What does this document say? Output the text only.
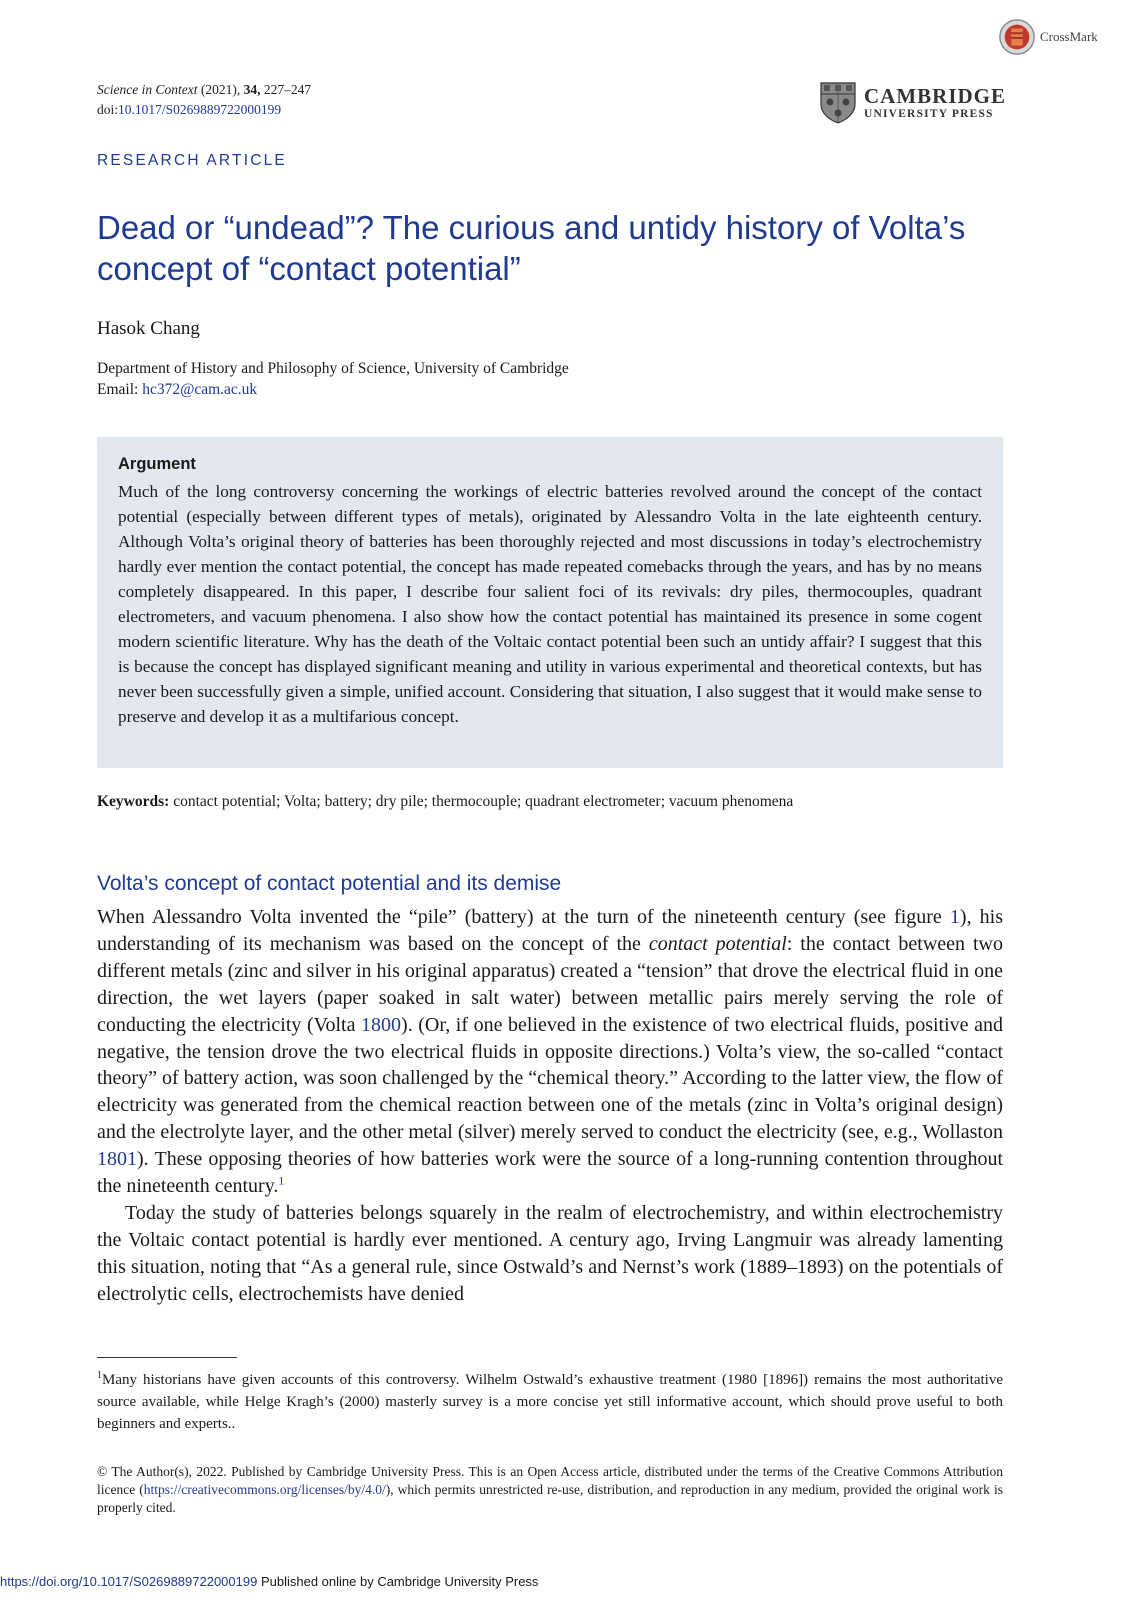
CrossMark
Science in Context (2021), 34, 227–247
doi:10.1017/S0269889722000199
CAMBRIDGE
UNIVERSITY PRESS
RESEARCH ARTICLE
Dead or “undead”? The curious and untidy history of Volta’s concept of “contact potential”
Hasok Chang
Department of History and Philosophy of Science, University of Cambridge
Email: hc372@cam.ac.uk
Argument

Much of the long controversy concerning the workings of electric batteries revolved around the concept of the contact potential (especially between different types of metals), originated by Alessandro Volta in the late eighteenth century. Although Volta’s original theory of batteries has been thoroughly rejected and most discussions in today’s electrochemistry hardly ever mention the contact potential, the concept has made repeated comebacks through the years, and has by no means completely disappeared. In this paper, I describe four salient foci of its revivals: dry piles, thermocouples, quadrant electrometers, and vacuum phenomena. I also show how the contact potential has maintained its presence in some cogent modern scientific literature. Why has the death of the Voltaic contact potential been such an untidy affair? I suggest that this is because the concept has displayed significant meaning and utility in various experimental and theoretical contexts, but has never been successfully given a simple, unified account. Considering that situation, I also suggest that it would make sense to preserve and develop it as a multifarious concept.

Keywords: contact potential; Volta; battery; dry pile; thermocouple; quadrant electrometer; vacuum phenomena
Volta’s concept of contact potential and its demise

When Alessandro Volta invented the “pile” (battery) at the turn of the nineteenth century (see figure 1), his understanding of its mechanism was based on the concept of the contact potential: the contact between two different metals (zinc and silver in his original apparatus) created a “tension” that drove the electrical fluid in one direction, the wet layers (paper soaked in salt water) between metallic pairs merely serving the role of conducting the electricity (Volta 1800). (Or, if one believed in the existence of two electrical fluids, positive and negative, the tension drove the two electrical fluids in opposite directions.) Volta’s view, the so-called “contact theory” of battery action, was soon challenged by the “chemical theory.” According to the latter view, the flow of electricity was generated from the chemical reaction between one of the metals (zinc in Volta’s original design) and the electrolyte layer, and the other metal (silver) merely served to conduct the electricity (see, e.g., Wollaston 1801). These opposing theories of how batteries work were the source of a long-running contention throughout the nineteenth century.$^1$

Today the study of batteries belongs squarely in the realm of electrochemistry, and within electrochemistry the Voltaic contact potential is hardly ever mentioned. A century ago, Irving Langmuir was already lamenting this situation, noting that “As a general rule, since Ostwald’s and Nernst’s work (1889–1893) on the potentials of electrolytic cells, electrochemists have denied

$^1$Many historians have given accounts of this controversy. Wilhelm Ostwald’s exhaustive treatment (1980 [1896]) remains the most authoritative source available, while Helge Kragh’s (2000) masterly survey is a more concise yet still informative account, which should prove useful to both beginners and experts..

© The Author(s), 2022. Published by Cambridge University Press. This is an Open Access article, distributed under the terms of the Creative Commons Attribution licence (https://creativecommons.org/licenses/by/4.0/), which permits unrestricted re-use, distribution, and reproduction in any medium, provided the original work is properly cited.

https://doi.org/10.1017/S0269889722000199 Published online by Cambridge University Press
